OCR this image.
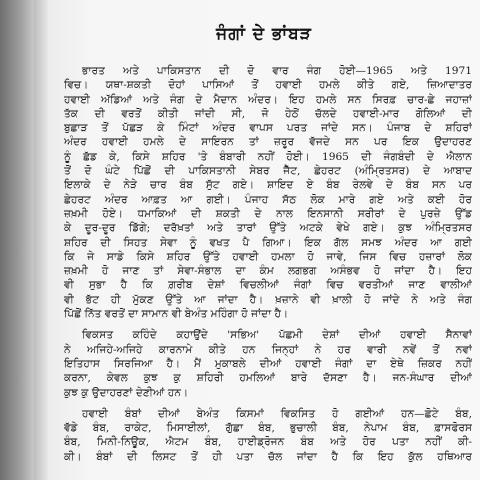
ਜੰਗਾਂ ਦੇ ਭਾਂਬੜ
ਭਾਰਤ ਅਤੇ ਪਾਕਿਸਤਾਨ ਦੀ ਦੋ ਵਾਰ ਜੰਗ ਹੋਈ—1965 ਅਤੇ 1971
ਵਿਚ। ਯਥਾ-ਸ਼ਕਤੀ ਦੋਹਾਂ ਪਾਸਿਆਂ ਤੋਂ ਹਵਾਈ ਹਮਲੇ ਕੀਤੇ ਗਏ, ਜ਼ਿਆਦਾਤਰ
ਹਵਾਈ ਅੱਡਿਆਂ ਅਤੇ ਜੰਗ ਦੇ ਮੈਦਾਨ ਅੰਦਰ। ਇਹ ਹਮਲੇ ਸਨ ਸਿਰਫ਼ ਚਾਰ-ਛੇ ਜਹਾਜ਼ਾਂ
ਤੱਕ ਦੀ ਵਰਤੋਂ ਕੀਤੀ ਜਾਂਦੀ ਸੀ, ਜੋ ਹੇਠੋਂ ਚੱਲਦੇ ਹਵਾਈ-ਮਾਰ ਗੋਲਿਆਂ ਦੀ
ਬੁਛਾੜ ਤੋਂ ਪੱਛੜ ਕੇ ਮਿੰਟਾਂ ਅੰਦਰ ਵਾਪਸ ਪਰਤ ਜਾਂਦੇ ਸਨ। ਪੰਜਾਬ ਦੇ ਸ਼ਹਿਰਾਂ
ਅੰਦਰ ਹਵਾਈ ਹਮਲੇ ਦੇ ਸਾਇਰਨ ਤਾਂ ਜ਼ਰੂਰ ਵੱਜਦੇ ਸਨ ਪਰ ਇਕ ਉਦਾਹਰਣ
ਨੂੰ ਛੱਡ ਕੇ, ਕਿਸੇ ਸ਼ਹਿਰ 'ਤੇ ਬੰਬਾਰੀ ਨਹੀਂ ਹੋਈ। 1965 ਦੀ ਜੰਗਬੰਦੀ ਦੇ ਐਲਾਨ
ਤੋਂ ਦੋ ਘੰਟੇ ਪਿੱਛੋਂ ਦੀ ਪਾਕਿਸਤਾਨੀ ਸੇਬਰ ਜੈੱਟ, ਛੇਹਰਟ (ਅੰਮ੍ਰਿਤਸਰ) ਦੇ ਆਬਾਦ
ਇਲਾਕੇ ਦੇ ਨੇੜੇ ਚਾਰ ਬੰਬ ਸੁੱਟ ਗਏ। ਸ਼ਾਇਦ ਏ ਬੰਬ ਰੇਲਵੇ ਦੇ ਬੰਬ ਸਨ ਪਰ
ਛੇਹਰਟ ਅੰਦਰ ਆਫ਼ਤ ਆ ਗਈ। ਪੰਜਾਹ ਸੱਠ ਲੋਕ ਮਾਰੇ ਗਏ ਅਤੇ ਕਈ ਹੋਰ
ਜ਼ਖ਼ਮੀ ਹੋਏ। ਧਮਾਕਿਆਂ ਦੀ ਸ਼ਕਤੀ ਦੇ ਨਾਲ ਇਨਸਾਨੀ ਸਰੀਰਾਂ ਦੇ ਪੁਰਜ਼ੇ ਉੱਡ
ਕੇ ਦੂਰ-ਦੂਰ ਡਿੱਗੇ; ਦਰੱਖ਼ਤਾਂ ਅਤੇ ਤਾਰਾਂ ਉੱਤੇ ਅਟਕੇ ਵੇਖੇ ਗਏ। ਕੁਝ ਅੰਮ੍ਰਿਤਸਰ
ਸ਼ਹਿਰ ਦੀ ਸਿਹਤ ਸੇਵਾ ਨੂੰ ਵਖਤ ਪੈ ਗਿਆ। ਇਕ ਗੱਲ ਸਮਝ ਅੰਦਰ ਆ ਗਈ
ਕਿ ਜੇ ਸਾਡੇ ਕਿਸੇ ਸ਼ਹਿਰ ਉੱਤੇ ਹਵਾਈ ਹਮਲਾ ਹੋ ਜਾਵੇ, ਜਿਸ ਵਿਚ ਹਜ਼ਾਰਾਂ ਲੋਕ
ਜ਼ਖ਼ਮੀ ਹੋ ਜਾਣ ਤਾਂ ਸੇਵਾ-ਸੰਭਾਲ ਦਾ ਕੰਮ ਲਗਭਗ ਅਸੰਭਵ ਹੋ ਜਾਂਦਾ ਹੈ। ਇਹ
ਵੀ ਸੁਭਾ ਹੈ ਕਿ ਗ਼ਰੀਬ ਦੇਸ਼ਾਂ ਵਿਚਲੀਆਂ ਜੰਗਾਂ ਵਿਚ ਵਰਤੀਆਂ ਜਾਣ ਵਾਲੀਆਂ
ਵੀ ਭੱਟ ਹੀ ਮੁੱਕਣ ਉੱਤੇ ਆ ਜਾਂਦਾ ਹੈ। ਖ਼ਜ਼ਾਨੇ ਵੀ ਖ਼ਾਲੀ ਹੋ ਜਾਂਦੇ ਨੇ ਅਤੇ ਜੰਗ
ਪਿੱਛੋਂ ਨਿੱਤ ਵਰਤੋਂ ਦਾ ਸਾਮਾਨ ਵੀ ਬੇਅੰਤ ਮਹਿੰਗਾ ਹੋ ਜਾਂਦਾ ਹੈ।
ਵਿਕਸਤ ਕਹਿੰਦੇ ਕਹਾਉਂਦੇ 'ਸਭਿਅ' ਪੱਛਮੀ ਦੇਸ਼ਾਂ ਦੀਆਂ ਹਵਾਈ ਸੈਨਾਵਾਂ
ਨੇ ਅਜਿਹੇ-ਅਜਿਹੇ ਕਾਰਨਾਮੇ ਕੀਤੇ ਹਨ ਜਿਨ੍ਹਾਂ ਨੇ ਹਰ ਵਾਰੀ ਨਵੇਂ ਤੋਂ ਨਵਾਂ
ਇਤਿਹਾਸ ਸਿਰਜਿਆ ਹੈ। ਮੈਂ ਮੁਕਾਬਲੇ ਦੀਆਂ ਹਵਾਈ ਜੰਗਾਂ ਦਾ ਏਥੇ ਜ਼ਿਕਰ ਨਹੀਂ
ਕਰਨਾ, ਕੇਵਲ ਕੁਝ ਕੁ ਸ਼ਹਿਰੀ ਹਮਲਿਆਂ ਬਾਰੇ ਦੱਸਣਾ ਹੈ। ਜਨ-ਸੰਘਾਰ ਦੀਆਂ
ਕੁਝ ਕੁ ਉਦਾਹਰਣਾਂ ਦੇਣੀਆਂ ਹਨ।
ਹਵਾਈ ਬੰਬਾਂ ਦੀਆਂ ਬੇਅੰਤ ਕਿਸਮਾਂ ਵਿਕਸਿਤ ਹੋ ਗਈਆਂ ਹਨ—ਛੋਟੇ ਬੰਬ,
ਵੱਡੇ ਬੰਬ, ਰਾਕੇਟ, ਮਿਸਾਈਲਾਂ, ਗੁੱਛਾ ਬੰਬ, ਭੁਚਾਲੀ ਬੰਬ, ਨੇਪਾਮ ਬੰਬ, ਫ਼ਾਸਫੋਰਸ
ਬੰਬ, ਮਿਨੀ-ਨਿਊਕ, ਐਟਮ ਬੰਬ, ਹਾਈਡ੍ਰੋਜਨ ਬੰਬ ਅਤੇ ਹੋਰ ਪਤਾ ਨਹੀਂ ਕੀ-
ਕੀ। ਬੰਬਾਂ ਦੀ ਲਿਸਟ ਤੋਂ ਹੀ ਪਤਾ ਚੱਲ ਜਾਂਦਾ ਹੈ ਕਿ ਇਹ ਕੁੱਲ ਹਥਿਆਰ
